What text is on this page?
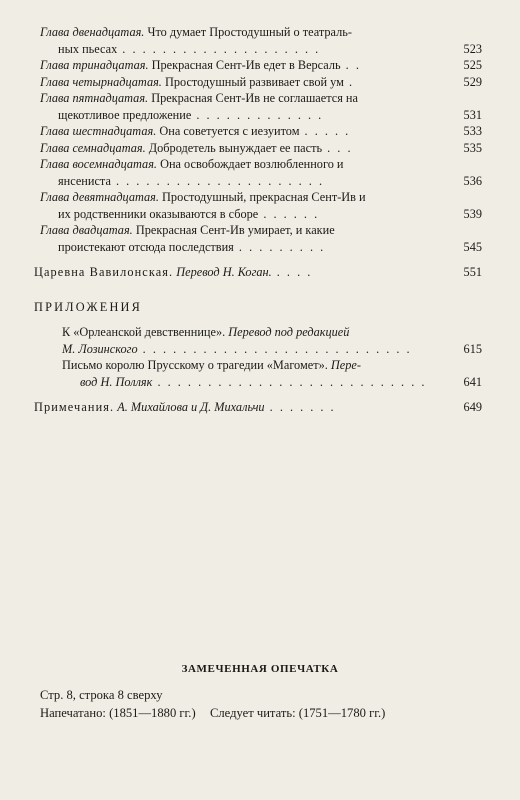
Глава двенадцатая. Что думает Простодушный о театраль-
ных пьесах . . . . . . . . . . . . . . . . . . . .	523
Глава тринадцатая. Прекрасная Сент-Ив едет в Версаль . .	525
Глава четырнадцатая. Простодушный развивает свой ум .	529
Глава пятнадцатая. Прекрасная Сент-Ив не соглашается на
щекотливое предложение . . . . . . . . . . . . .	531
Глава шестнадцатая. Она советуется с иезуитом . . . . .	533
Глава семнадцатая. Добродетель вынуждает ее пасть . . .	535
Глава восемнадцатая. Она освобождает возлюбленного и
янсениста . . . . . . . . . . . . . . . . . . . . .	536
Глава девятнадцатая. Простодушный, прекрасная Сент-Ив и
их родственники оказываются в сборе . . . . . .	539
Глава двадцатая. Прекрасная Сент-Ив умирает, и какие
проистекают отсюда последствия . . . . . . . . .	545
Царевна Вавилонская. Перевод Н. Коган. . . . .	551
ПРИЛОЖЕНИЯ
К «Орлеанской девственнице». Перевод под редакцией
М. Лозинского . . . . . . . . . . . . . . . . . . . . . . . . . . .	615
Письмо королю Прусскому о трагедии «Магомет». Пере-
вод Н. Полляк . . . . . . . . . . . . . . . . . . . . . . . . . . .	641
Примечания. А. Михайлова и Д. Михальчи . . . . . . .	649
ЗАМЕЧЕННАЯ ОПЕЧАТКА
Стр. 8, строка 8 сверху
Напечатано: (1851—1880 гг.) Следует читать: (1751—1780 гг.)
